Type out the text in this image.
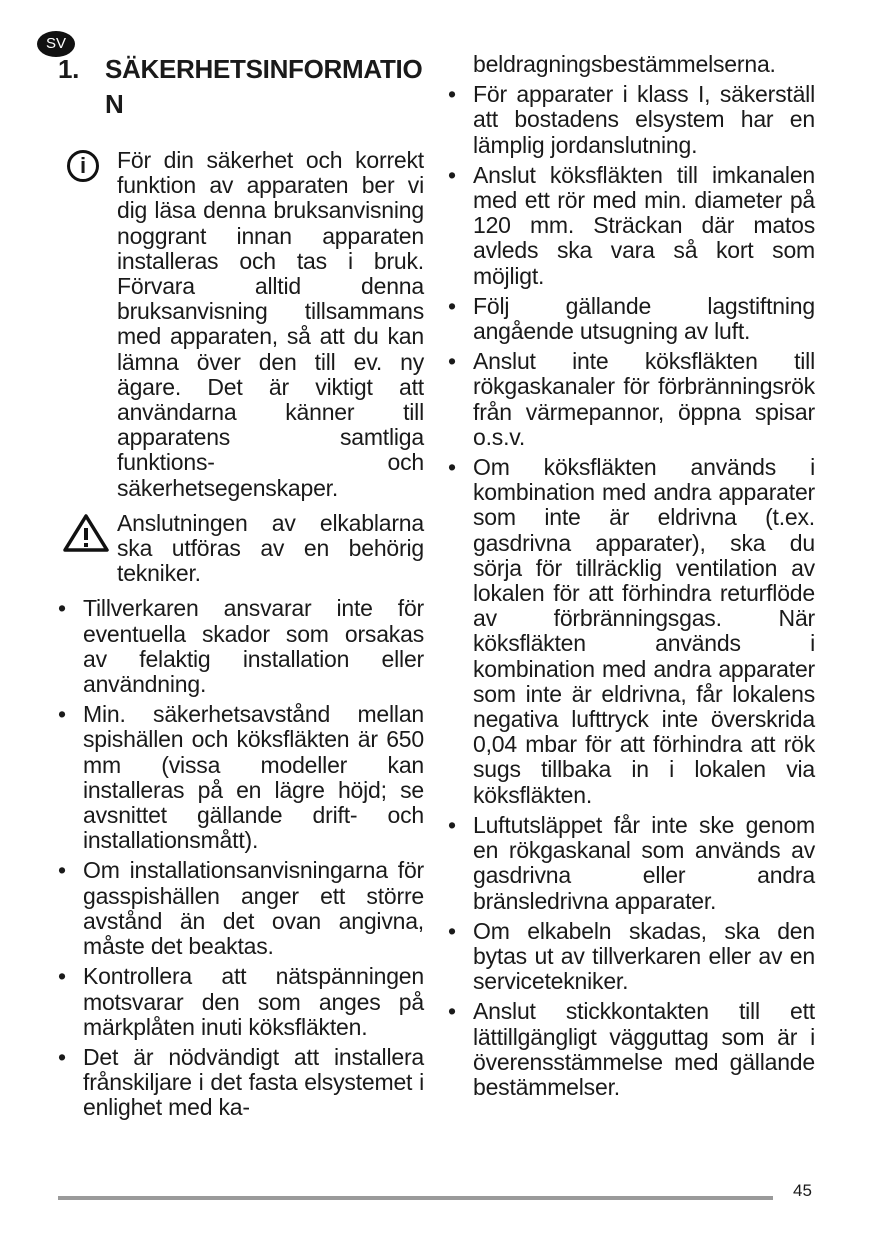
SV
1. SÄKERHETSINFORMATION
i	För din säkerhet och korrekt funktion av apparaten ber vi dig läsa denna bruksanvisning noggrant innan apparaten installeras och tas i bruk. Förvara alltid denna bruksanvisning tillsammans med apparaten, så att du kan lämna över den till ev. ny ägare. Det är viktigt att användarna känner till apparatens samtliga funktions- och säkerhetsegenskaper.
Anslutningen av elkablarna ska utföras av en behörig tekniker.
• Tillverkaren ansvarar inte för eventuella skador som orsakas av felaktig installation eller användning.
• Min. säkerhetsavstånd mellan spishällen och köksfläkten är 650 mm (vissa modeller kan installeras på en lägre höjd; se avsnittet gällande drift- och installationsmått).
• Om installationsanvisningarna för gasspishällen anger ett större avstånd än det ovan angivna, måste det beaktas.
• Kontrollera att nätspänningen motsvarar den som anges på märkplåten inuti köksfläkten.
• Det är nödvändigt att installera frånskiljare i det fasta elsystemet i enlighet med ka-
beldragningsbestämmelserna.
• För apparater i klass I, säkerställ att bostadens elsystem har en lämplig jordanslutning.
• Anslut köksfläkten till imkanalen med ett rör med min. diameter på 120 mm. Sträckan där matos avleds ska vara så kort som möjligt.
• Följ gällande lagstiftning angående utsugning av luft.
• Anslut inte köksfläkten till rökgaskanaler för förbränningsrök från värmepannor, öppna spisar o.s.v.
• Om köksfläkten används i kombination med andra apparater som inte är eldrivna (t.ex. gasdrivna apparater), ska du sörja för tillräcklig ventilation av lokalen för att förhindra returflöde av förbränningsgas. När köksfläkten används i kombination med andra apparater som inte är eldrivna, får lokalens negativa lufttryck inte överskrida 0,04 mbar för att förhindra att rök sugs tillbaka in i lokalen via köksfläkten.
• Luftutsläppet får inte ske genom en rökgaskanal som används av gasdrivna eller andra bränsledrivna apparater.
• Om elkabeln skadas, ska den bytas ut av tillverkaren eller av en servicetekniker.
• Anslut stickkontakten till ett lättillgängligt vägguttag som är i överensstämmelse med gällande bestämmelser.
45
